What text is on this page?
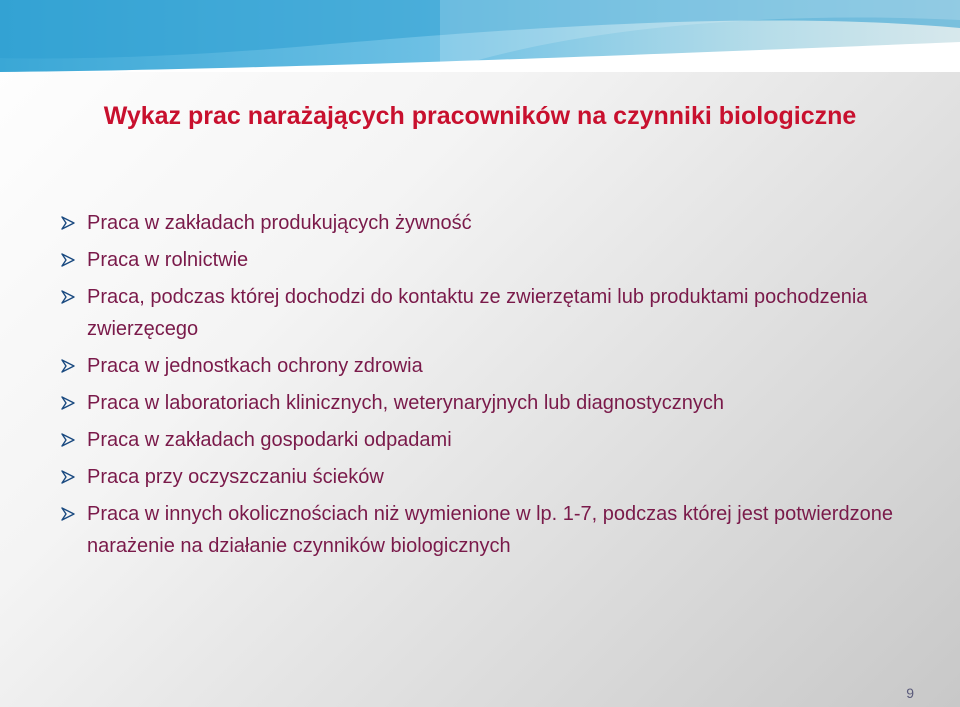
Wykaz prac narażających pracowników na czynniki biologiczne
Praca w zakładach produkujących żywność
Praca w rolnictwie
Praca, podczas której dochodzi do kontaktu ze zwierzętami lub produktami pochodzenia zwierzęcego
Praca w jednostkach ochrony zdrowia
Praca w laboratoriach klinicznych, weterynaryjnych lub diagnostycznych
Praca w zakładach gospodarki odpadami
Praca przy oczyszczaniu ścieków
Praca w innych okolicznościach niż wymienione w lp. 1-7, podczas której jest potwierdzone narażenie na działanie czynników biologicznych
9
